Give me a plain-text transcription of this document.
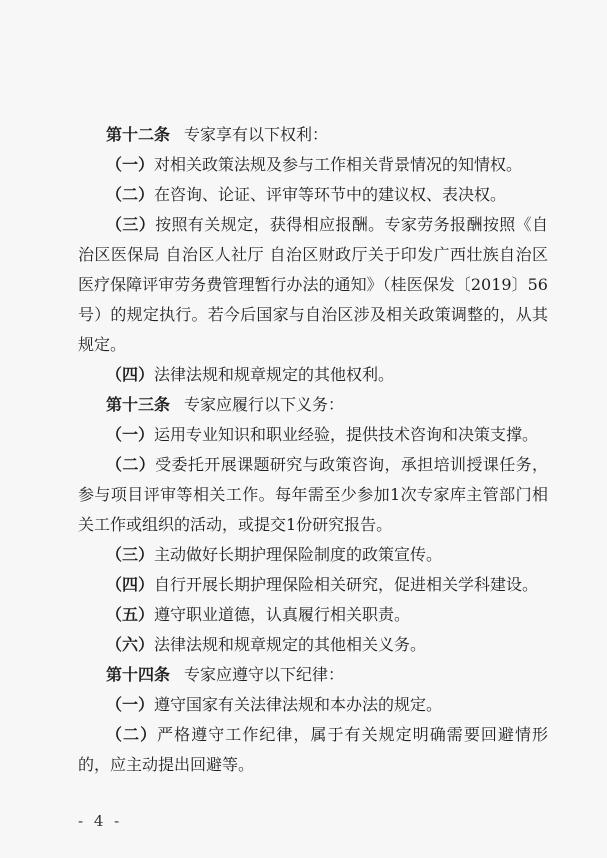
第十二条 专家享有以下权利：

（一）对相关政策法规及参与工作相关背景情况的知情权。

（二）在咨询、论证、评审等环节中的建议权、表决权。

（三）按照有关规定，获得相应报酬。专家劳务报酬按照《自治区医保局 自治区人社厅 自治区财政厅关于印发广西壮族自治区医疗保障评审劳务费管理暂行办法的通知》（桂医保发〔2019〕56号）的规定执行。若今后国家与自治区涉及相关政策调整的，从其规定。

（四）法律法规和规章规定的其他权利。

第十三条 专家应履行以下义务：

（一）运用专业知识和职业经验，提供技术咨询和决策支撑。

（二）受委托开展课题研究与政策咨询，承担培训授课任务，参与项目评审等相关工作。每年需至少参加1次专家库主管部门相关工作或组织的活动，或提交1份研究报告。

（三）主动做好长期护理保险制度的政策宣传。

（四）自行开展长期护理保险相关研究，促进相关学科建设。

（五）遵守职业道德，认真履行相关职责。

（六）法律法规和规章规定的其他相关义务。

第十四条 专家应遵守以下纪律：

（一）遵守国家有关法律法规和本办法的规定。

（二）严格遵守工作纪律，属于有关规定明确需要回避情形的，应主动提出回避等。

- 4 -
